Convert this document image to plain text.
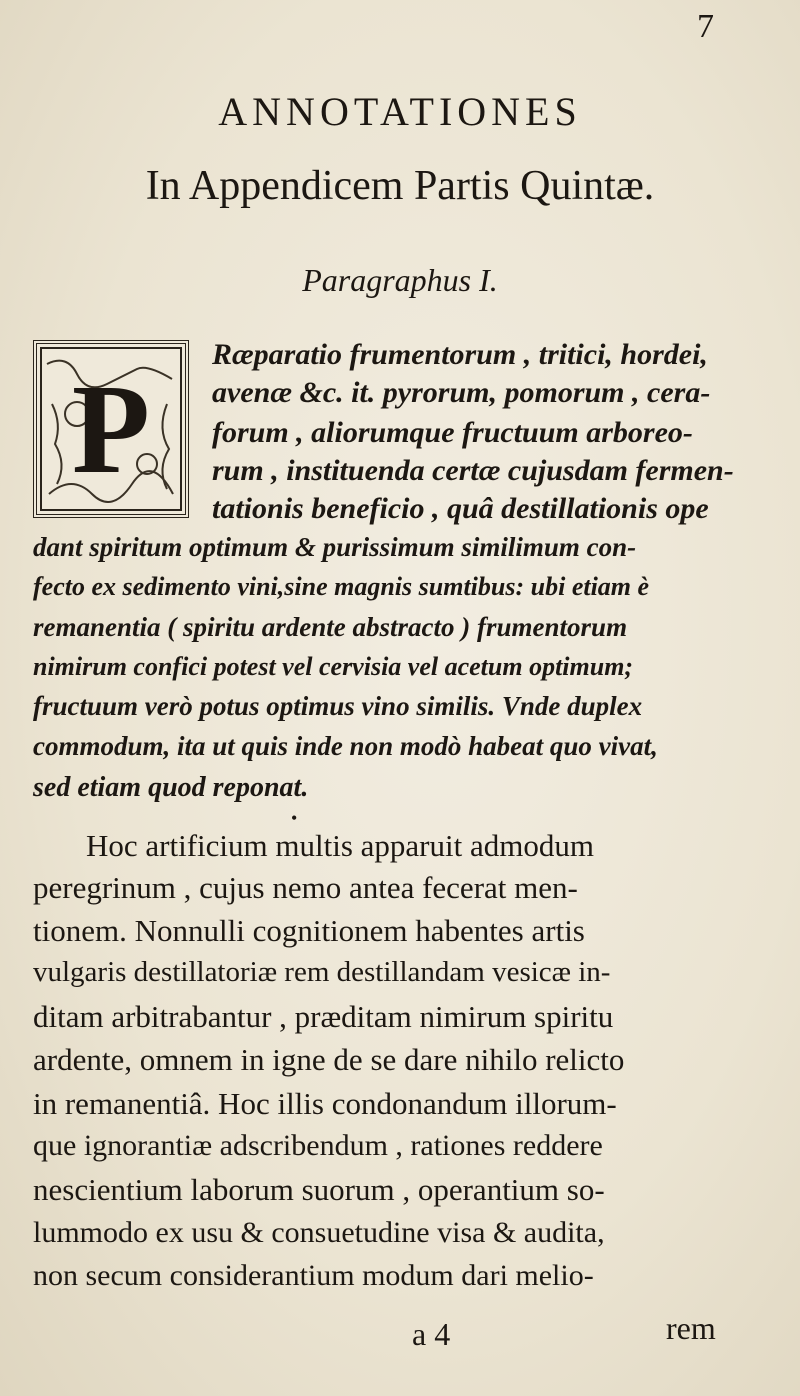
7
ANNOTATIONES
In Appendicem Partis Quintæ.
Paragraphus I.
P
Ræparatio frumentorum , tritici, hordei,
avenæ &c. it. pyrorum, pomorum , cera-
forum , aliorumque fructuum arboreo-
rum , instituenda certæ cujusdam fermen-
tationis beneficio , quâ destillationis ope
dant spiritum optimum & purissimum similimum con-
fecto ex sedimento vini,sine magnis sumtibus: ubi etiam è
remanentia ( spiritu ardente abstracto ) frumentorum
nimirum confici potest vel cervisia vel acetum optimum;
fructuum verò potus optimus vino similis. Vnde duplex
commodum, ita ut quis inde non modò habeat quo vivat,
sed etiam quod reponat.
•
Hoc artificium multis apparuit admodum
peregrinum , cujus nemo antea fecerat men-
tionem. Nonnulli cognitionem habentes artis
vulgaris destillatoriæ rem destillandam vesicæ in-
ditam arbitrabantur , præditam nimirum spiritu
ardente, omnem in igne de se dare nihilo relicto
in remanentiâ. Hoc illis condonandum illorum-
que ignorantiæ adscribendum , rationes reddere
nescientium laborum suorum , operantium so-
lummodo ex usu & consuetudine visa & audita,
non secum considerantium modum dari melio-
a 4	rem
